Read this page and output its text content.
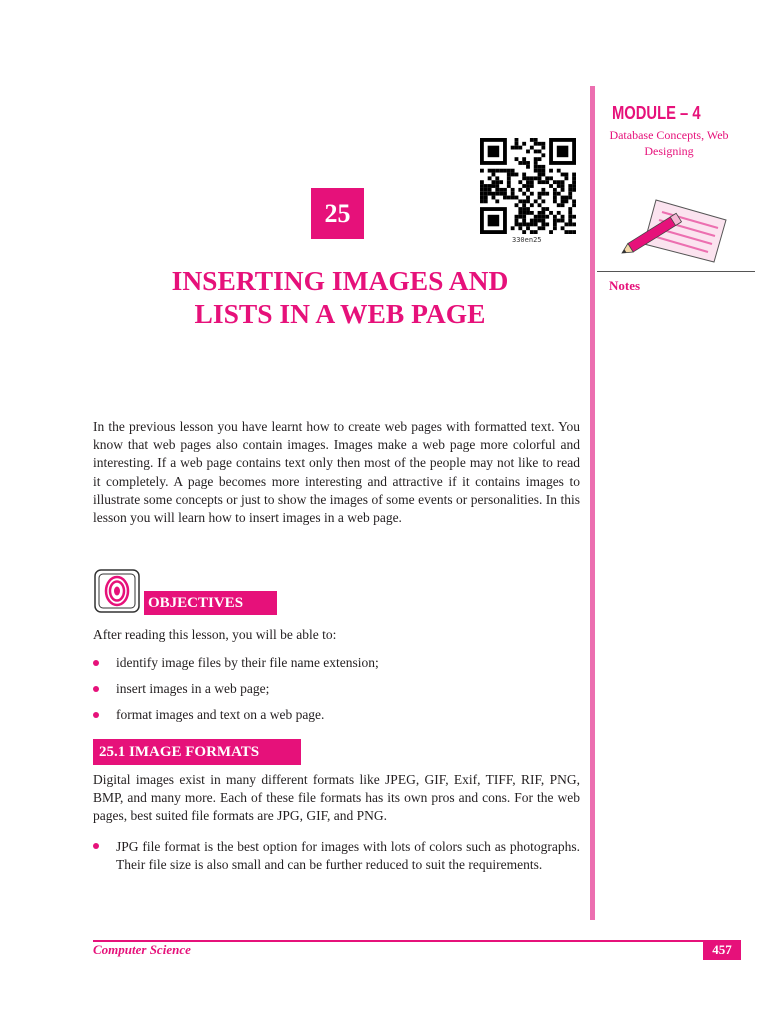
MODULE – 4
Database Concepts, Web Designing
Notes
330en25
25
INSERTING IMAGES AND LISTS IN A WEB PAGE
In the previous lesson you have learnt how to create web pages with formatted text. You know that web pages also contain images. Images make a web page more colorful and interesting. If a web page contains text only then most of the people may not like to read it completely. A page becomes more interesting and attractive if it contains images to illustrate some concepts or just to show the images of some events or personalities. In this lesson you will learn how to insert images in a web page.
OBJECTIVES
After reading this lesson, you will be able to:
identify image files by their file name extension;
insert images in a web page;
format images and text on a web page.
25.1 IMAGE FORMATS
Digital images exist in many different formats like JPEG, GIF, Exif, TIFF, RIF, PNG, BMP, and many more. Each of these file formats has its own pros and cons. For the web pages, best suited file formats are JPG, GIF, and PNG.
JPG file format is the best option for images with lots of colors such as photographs. Their file size is also small and can be further reduced to suit the requirements.
Computer Science	457
